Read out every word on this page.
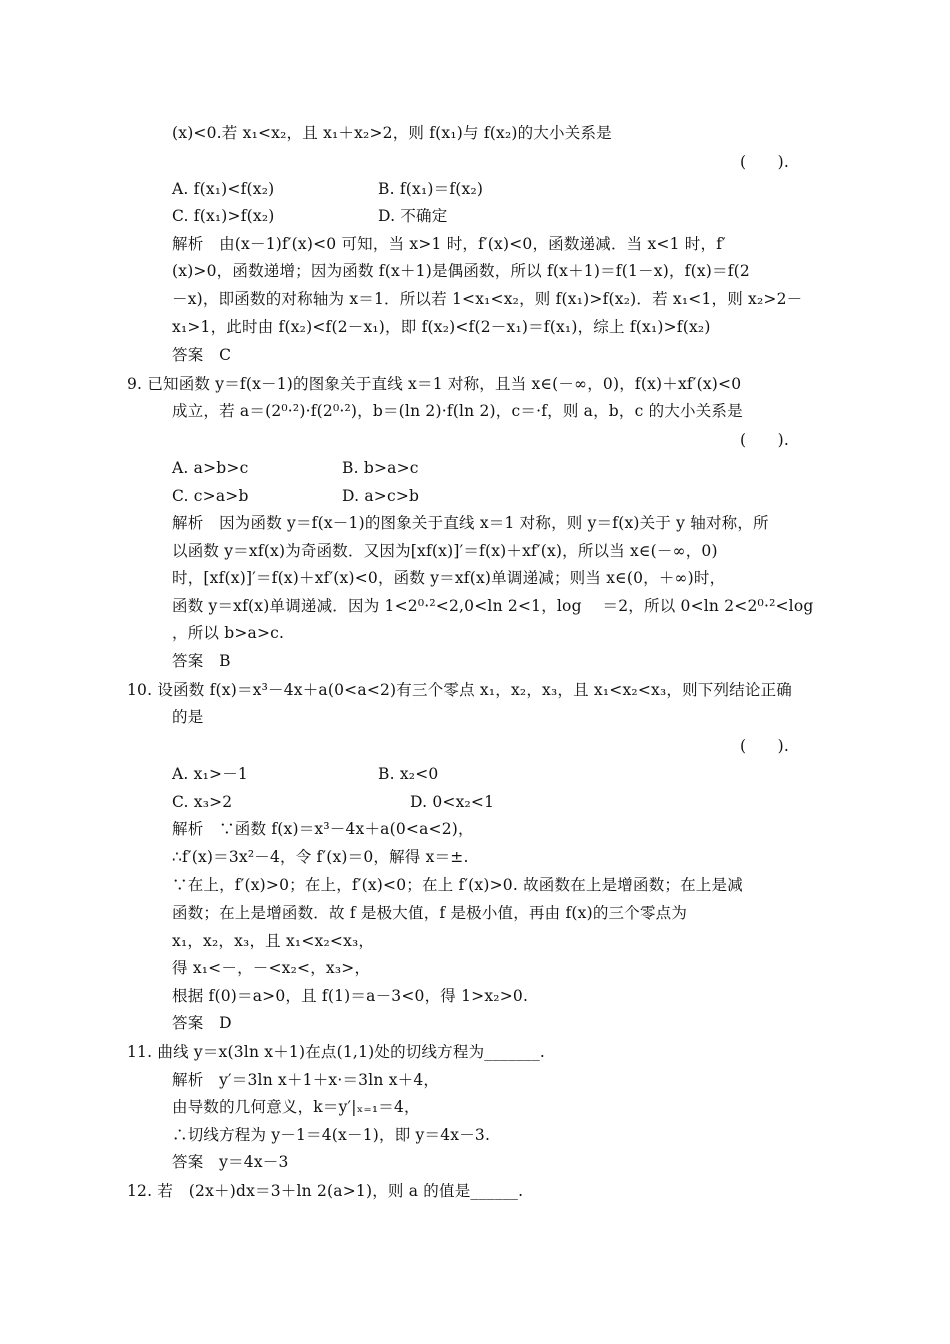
(x)<0.若 x₁<x₂，且 x₁＋x₂>2，则 f(x₁)与 f(x₂)的大小关系是
(　　).
A. f(x₁)<f(x₂)	B. f(x₁)＝f(x₂)
C. f(x₁)>f(x₂)	D. 不确定
解析　由(x－1)f′(x)<0 可知，当 x>1 时，f′(x)<0，函数递减．当 x<1 时，f′
(x)>0，函数递增；因为函数 f(x＋1)是偶函数，所以 f(x＋1)＝f(1－x)，f(x)＝f(2
－x)，即函数的对称轴为 x＝1．所以若 1<x₁<x₂，则 f(x₁)>f(x₂)．若 x₁<1，则 x₂>2－
x₁>1，此时由 f(x₂)<f(2－x₁)，即 f(x₂)<f(2－x₁)＝f(x₁)，综上 f(x₁)>f(x₂)
答案　C
9. 已知函数 y＝f(x－1)的图象关于直线 x＝1 对称，且当 x∈(－∞，0)，f(x)＋xf′(x)<0
成立，若 a＝(2⁰·²)·f(2⁰·²)，b＝(ln 2)·f(ln 2)，c＝·f，则 a，b，c 的大小关系是
(　　).
A. a>b>c	B. b>a>c
C. c>a>b	D. a>c>b
解析　因为函数 y＝f(x－1)的图象关于直线 x＝1 对称，则 y＝f(x)关于 y 轴对称，所
以函数 y＝xf(x)为奇函数．又因为[xf(x)]′＝f(x)＋xf′(x)，所以当 x∈(－∞，0)
时，[xf(x)]′＝f(x)＋xf′(x)<0，函数 y＝xf(x)单调递减；则当 x∈(0，＋∞)时，
函数 y＝xf(x)单调递减．因为 1<2⁰·²<2,0<ln 2<1，log 　＝2，所以 0<ln 2<2⁰·²<log
，所以 b>a>c.
答案　B
10. 设函数 f(x)＝x³－4x＋a(0<a<2)有三个零点 x₁，x₂，x₃，且 x₁<x₂<x₃，则下列结论正确
的是
(　　).
A. x₁>－1	B. x₂<0
C. x₃>2	D. 0<x₂<1
解析　∵函数 f(x)＝x³－4x＋a(0<a<2)，
∴f′(x)＝3x²－4，令 f′(x)＝0，解得 x＝±.
∵在上，f′(x)>0；在上，f′(x)<0；在上 f′(x)>0. 故函数在上是增函数；在上是减
函数；在上是增函数．故 f 是极大值，f 是极小值，再由 f(x)的三个零点为
x₁，x₂，x₃，且 x₁<x₂<x₃，
得 x₁<－，－<x₂<，x₃>，
根据 f(0)＝a>0，且 f(1)＝a－3<0，得 1>x₂>0.
答案　D
11. 曲线 y＝x(3ln x＋1)在点(1,1)处的切线方程为_______.
解析　y′＝3ln x＋1＋x·＝3ln x＋4，
由导数的几何意义，k＝y′|ₓ₌₁＝4，
∴切线方程为 y－1＝4(x－1)，即 y＝4x－3.
答案　y＝4x－3
12. 若　(2x＋)dx＝3＋ln 2(a>1)，则 a 的值是______.
